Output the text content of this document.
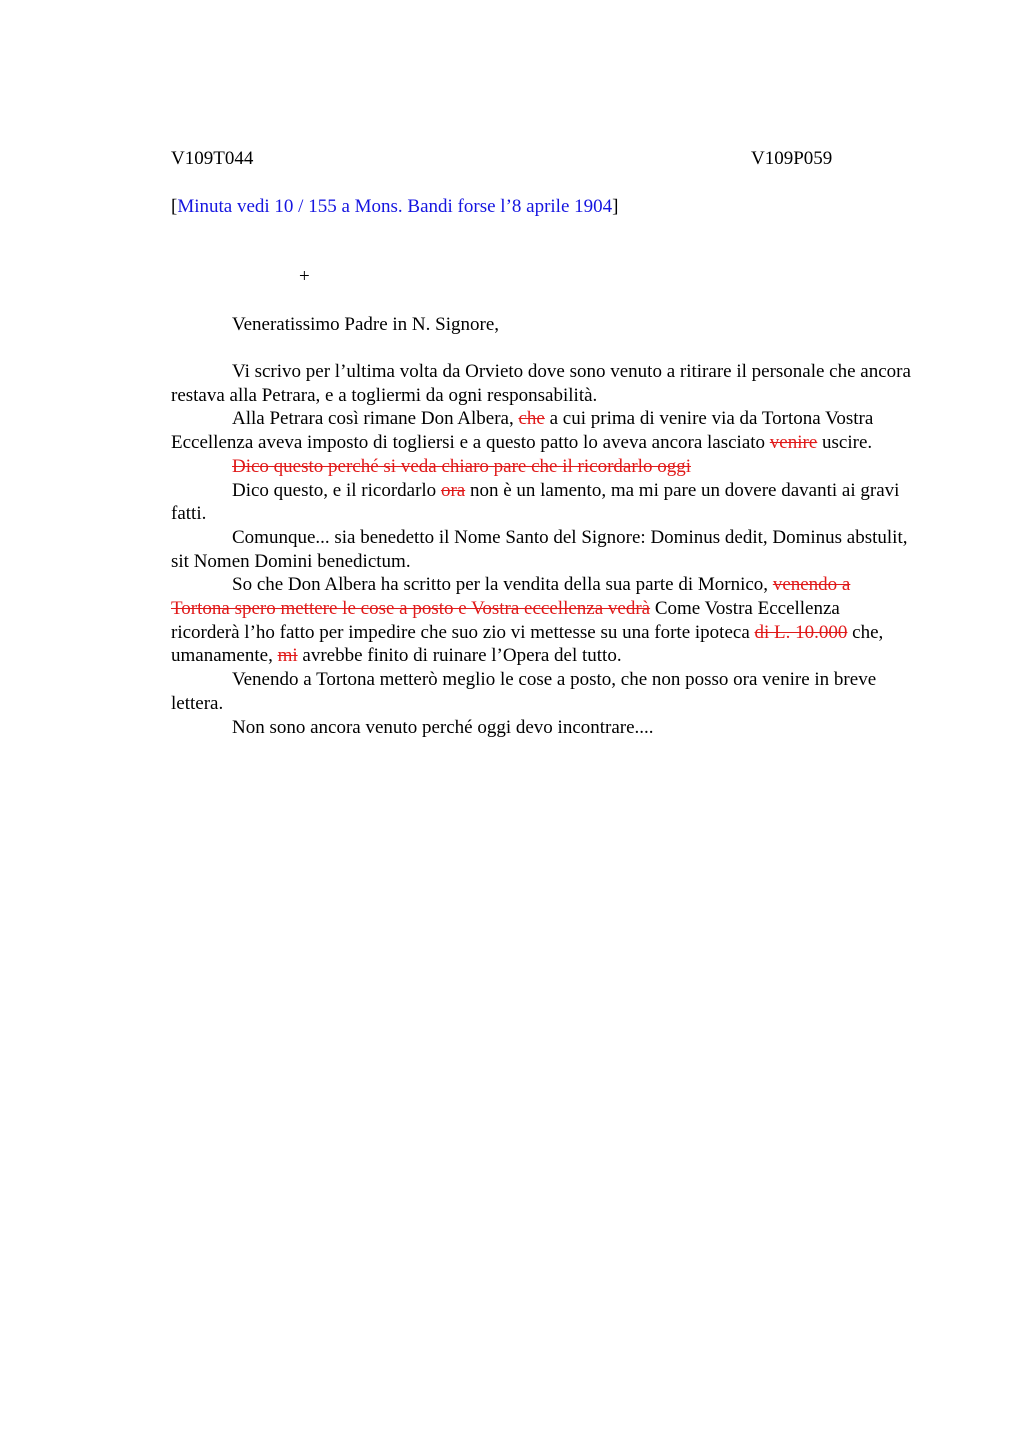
V109T044	V109P059
[Minuta vedi 10 / 155 a Mons. Bandi forse l’8 aprile 1904]
+
Veneratissimo Padre in N. Signore,

Vi scrivo per l’ultima volta da Orvieto dove sono venuto a ritirare il personale che ancora restava alla Petrara, e a togliermi da ogni responsabilità.

Alla Petrara così rimane Don Albera, che a cui prima di venire via da Tortona Vostra Eccellenza aveva imposto di togliersi e a questo patto lo aveva ancora lasciato venire uscire.

Dico questo perché si veda chiaro pare che il ricordarlo oggi

Dico questo, e il ricordarlo ora non è un lamento, ma mi pare un dovere davanti ai gravi fatti.

Comunque... sia benedetto il Nome Santo del Signore: Dominus dedit, Dominus abstulit, sit Nomen Domini benedictum.

So che Don Albera ha scritto per la vendita della sua parte di Mornico, venendo a Tortona spero mettere le cose a posto e Vostra eccellenza vedrà Come Vostra Eccellenza ricorderà l’ho fatto per impedire che suo zio vi mettesse su una forte ipoteca di L. 10.000 che, umanamente, mi avrebbe finito di ruinare l’Opera del tutto.

Venendo a Tortona metterò meglio le cose a posto, che non posso ora venire in breve lettera.

Non sono ancora venuto perché oggi devo incontrare....
